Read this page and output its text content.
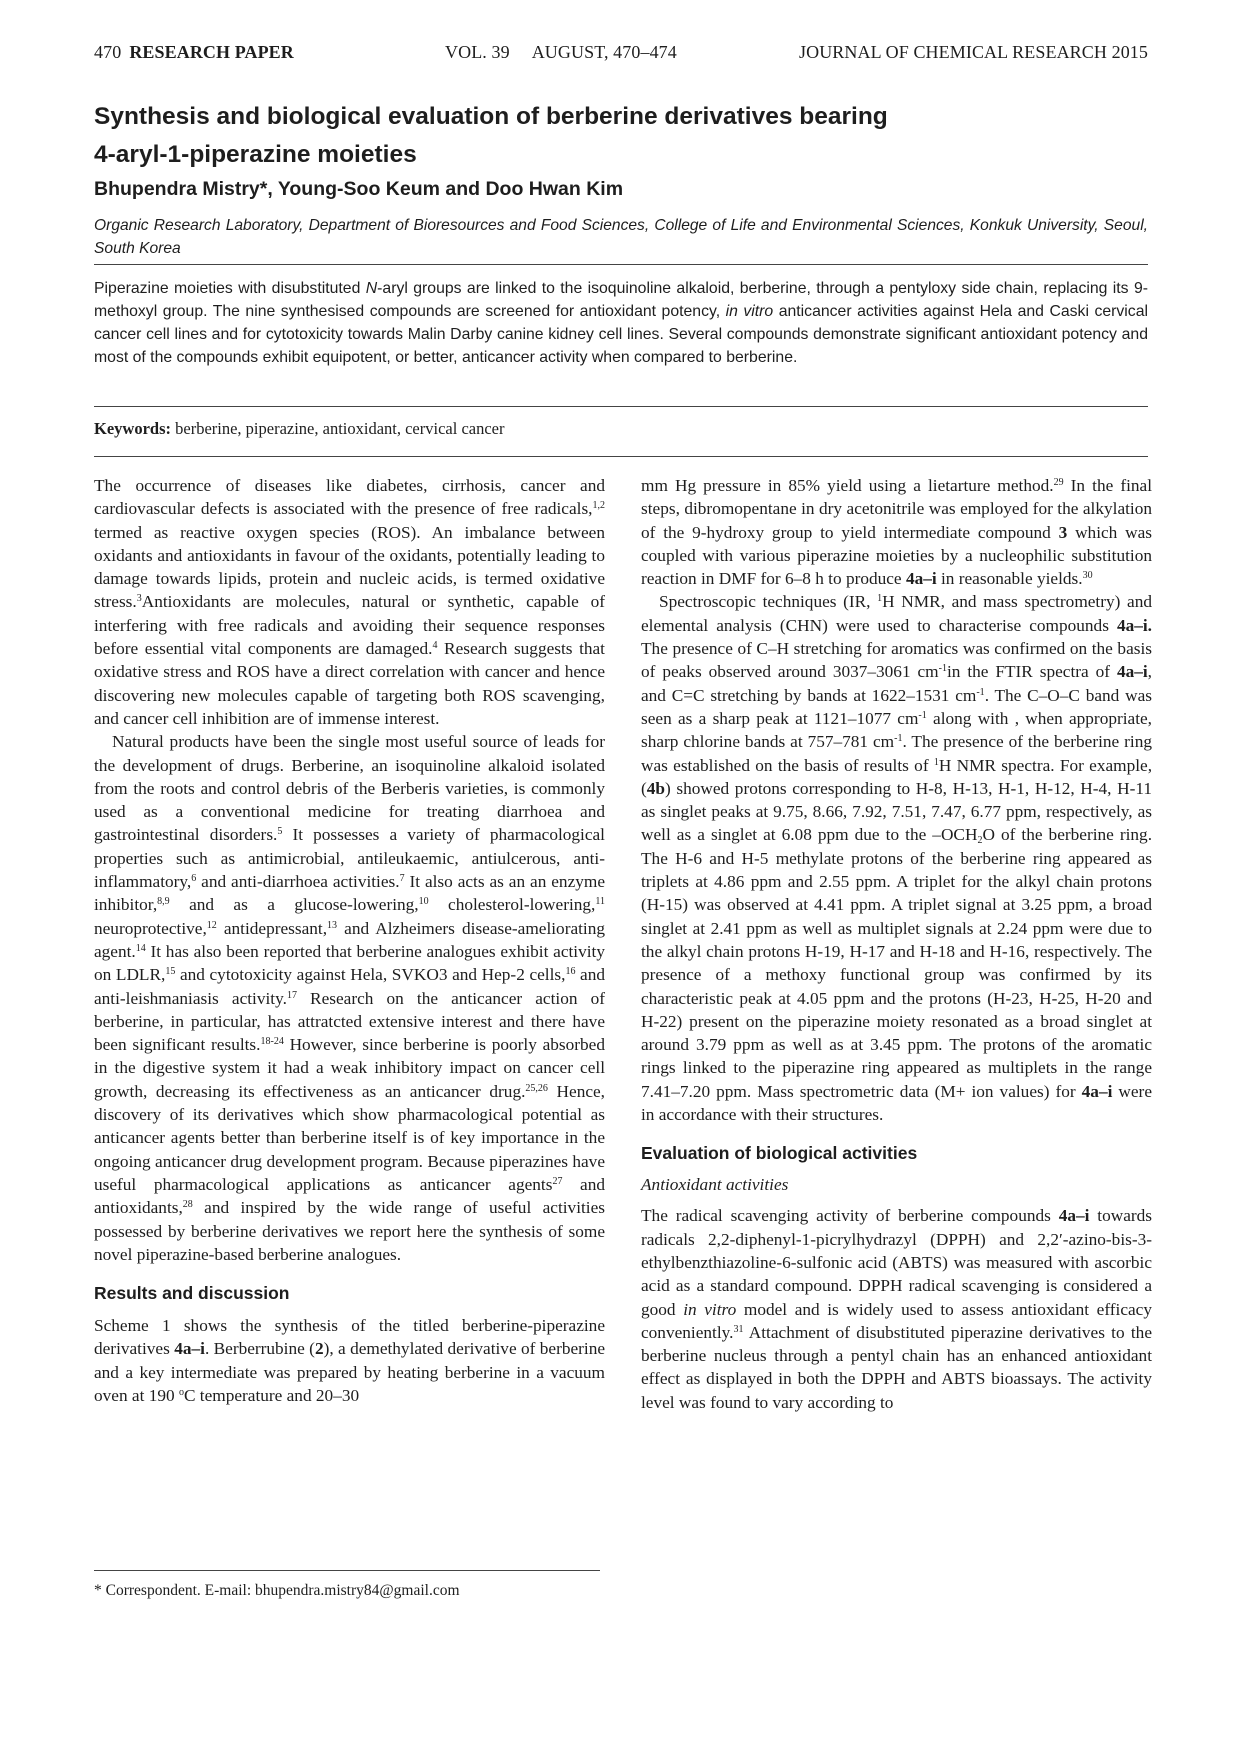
470 RESEARCH PAPER	VOL. 39 AUGUST, 470–474	JOURNAL OF CHEMICAL RESEARCH 2015
Synthesis and biological evaluation of berberine derivatives bearing
4-aryl-1-piperazine moieties

Bhupendra Mistry*, Young-Soo Keum and Doo Hwan Kim

Organic Research Laboratory, Department of Bioresources and Food Sciences, College of Life and Environmental Sciences, Konkuk University, Seoul, South Korea

Piperazine moieties with disubstituted N-aryl groups are linked to the isoquinoline alkaloid, berberine, through a pentyloxy side chain, replacing its 9-methoxyl group. The nine synthesised compounds are screened for antioxidant potency, in vitro anticancer activities against Hela and Caski cervical cancer cell lines and for cytotoxicity towards Malin Darby canine kidney cell lines. Several compounds demonstrate significant antioxidant potency and most of the compounds exhibit equipotent, or better, anticancer activity when compared to berberine.

Keywords: berberine, piperazine, antioxidant, cervical cancer

The occurrence of diseases like diabetes, cirrhosis, cancer and cardiovascular defects is associated with the presence of free radicals,$^{1,2}$ termed as reactive oxygen species (ROS). An imbalance between oxidants and antioxidants in favour of the oxidants, potentially leading to damage towards lipids, protein and nucleic acids, is termed oxidative stress.$^3$Antioxidants are molecules, natural or synthetic, capable of interfering with free radicals and avoiding their sequence responses before essential vital components are damaged.$^4$ Research suggests that oxidative stress and ROS have a direct correlation with cancer and hence discovering new molecules capable of targeting both ROS scavenging, and cancer cell inhibition are of immense interest.

Natural products have been the single most useful source of leads for the development of drugs. Berberine, an isoquinoline alkaloid isolated from the roots and control debris of the Berberis varieties, is commonly used as a conventional medicine for treating diarrhoea and gastrointestinal disorders.$^5$ It possesses a variety of pharmacological properties such as antimicrobial, antileukaemic, antiulcerous, anti-inflammatory,$^6$ and anti-diarrhoea activities.$^7$ It also acts as an an enzyme inhibitor,$^{8,9}$ and as a glucose-lowering,$^{10}$ cholesterol-lowering,$^{11}$ neuroprotective,$^{12}$ antidepressant,$^{13}$ and Alzheimers disease-ameliorating agent.$^{14}$ It has also been reported that berberine analogues exhibit activity on LDLR,$^{15}$ and cytotoxicity against Hela, SVKO3 and Hep-2 cells,$^{16}$ and anti-leishmaniasis activity.$^{17}$ Research on the anticancer action of berberine, in particular, has attratcted extensive interest and there have been significant results.$^{18-24}$ However, since berberine is poorly absorbed in the digestive system it had a weak inhibitory impact on cancer cell growth, decreasing its effectiveness as an anticancer drug.$^{25,26}$ Hence, discovery of its derivatives which show pharmacological potential as anticancer agents better than berberine itself is of key importance in the ongoing anticancer drug development program. Because piperazines have useful pharmacological applications as anticancer agents$^{27}$ and antioxidants,$^{28}$ and inspired by the wide range of useful activities possessed by berberine derivatives we report here the synthesis of some novel piperazine-based berberine analogues.

Results and discussion

Scheme 1 shows the synthesis of the titled berberine-piperazine derivatives 4a–i. Berberrubine (2), a demethylated derivative of berberine and a key intermediate was prepared by heating berberine in a vacuum oven at 190 $^o$C temperature and 20–30

mm Hg pressure in 85% yield using a lietarture method.$^{29}$ In the final steps, dibromopentane in dry acetonitrile was employed for the alkylation of the 9-hydroxy group to yield intermediate compound 3 which was coupled with various piperazine moieties by a nucleophilic substitution reaction in DMF for 6–8 h to produce 4a–i in reasonable yields.$^{30}$

Spectroscopic techniques (IR, $^1$H NMR, and mass spectrometry) and elemental analysis (CHN) were used to characterise compounds 4a–i. The presence of C–H stretching for aromatics was confirmed on the basis of peaks observed around 3037–3061 $cm^{-1}in$ the FTIR spectra of 4a–i, and C=C stretching by bands at 1622–1531 $cm^{-1}$. The C–O–C band was seen as a sharp peak at 1121–1077 $cm^{-1}$ along with , when appropriate, sharp chlorine bands at 757–781 $cm^{-1}$. The presence of the berberine ring was established on the basis of results of $^1$H NMR spectra. For example, (4b) showed protons corresponding to H-8, H-13, H-1, H-12, H-4, H-11 as singlet peaks at 9.75, 8.66, 7.92, 7.51, 7.47, 6.77 ppm, respectively, as well as a singlet at 6.08 ppm due to the $-OCH_2O$ of the berberine ring. The H-6 and H-5 methylate protons of the berberine ring appeared as triplets at 4.86 ppm and 2.55 ppm. A triplet for the alkyl chain protons (H-15) was observed at 4.41 ppm. A triplet signal at 3.25 ppm, a broad singlet at 2.41 ppm as well as multiplet signals at 2.24 ppm were due to the alkyl chain protons H-19, H-17 and H-18 and H-16, respectively. The presence of a methoxy functional group was confirmed by its characteristic peak at 4.05 ppm and the protons (H-23, H-25, H-20 and H-22) present on the piperazine moiety resonated as a broad singlet at around 3.79 ppm as well as at 3.45 ppm. The protons of the aromatic rings linked to the piperazine ring appeared as multiplets in the range 7.41–7.20 ppm. Mass spectrometric data (M+ ion values) for 4a–i were in accordance with their structures.

Evaluation of biological activities
Antioxidant activities

The radical scavenging activity of berberine compounds 4a–i towards radicals 2,2-diphenyl-1-picrylhydrazyl (DPPH) and 2,2′-azino-bis-3-ethylbenzthiazoline-6-sulfonic acid (ABTS) was measured with ascorbic acid as a standard compound. DPPH radical scavenging is considered a good in vitro model and is widely used to assess antioxidant efficacy conveniently.$^{31}$ Attachment of disubstituted piperazine derivatives to the berberine nucleus through a pentyl chain has an enhanced antioxidant effect as displayed in both the DPPH and ABTS bioassays. The activity level was found to vary according to

* Correspondent. E-mail: bhupendra.mistry84@gmail.com
